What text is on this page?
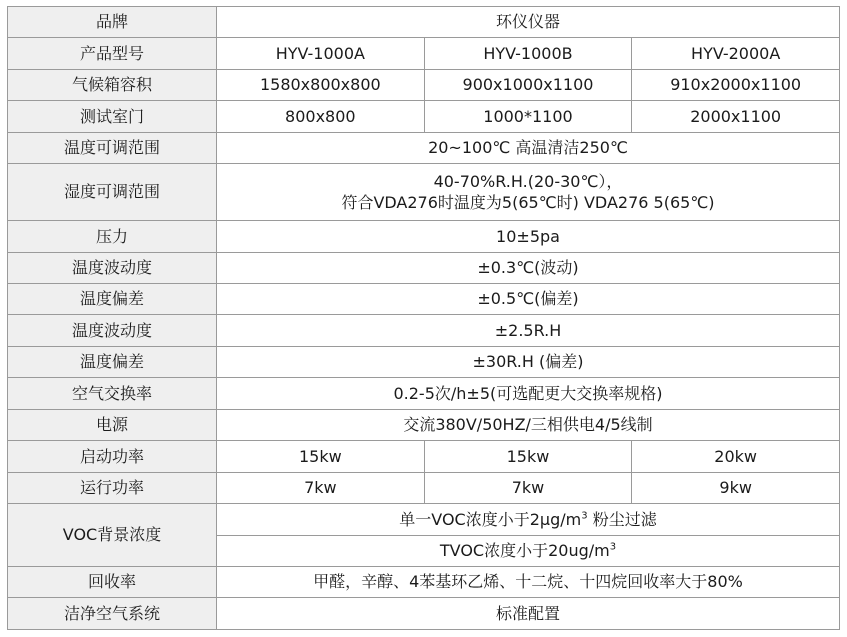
品牌	环仪仪器		
产品型号	HYV-1000A	HYV-1000B	HYV-2000A
气候箱容积	1580x800x800	900x1000x1100	910x2000x1100
测试室门	800x800	1000*1100	2000x1100
温度可调范围	20~100℃ 高温清洁250℃		
湿度可调范围	40-70%R.H.(20-30℃），
符合VDA276时温度为5(65℃时) VDA276 5(65℃)		

压力	10±5pa		
温度波动度	±0.3℃(波动)		
温度偏差	±0.5℃(偏差)		
温度波动度	±2.5R.H		
温度偏差	±30R.H (偏差)		
空气交换率	0.2-5次/h±5(可选配更大交换率规格)		
电源	交流380V/50HZ/三相供电4/5线制		
启动功率	15kw	15kw	20kw
运行功率	7kw	7kw	9kw
VOC背景浓度	单一VOC浓度小于$2\mu g/m^3$ 粉尘过滤		
	TVOC浓度小于$20ug/m^3$
回收率	甲醛，辛醇、4苯基环乙烯、十二烷、十四烷回收率大于80%		
洁净空气系统	标准配置		
